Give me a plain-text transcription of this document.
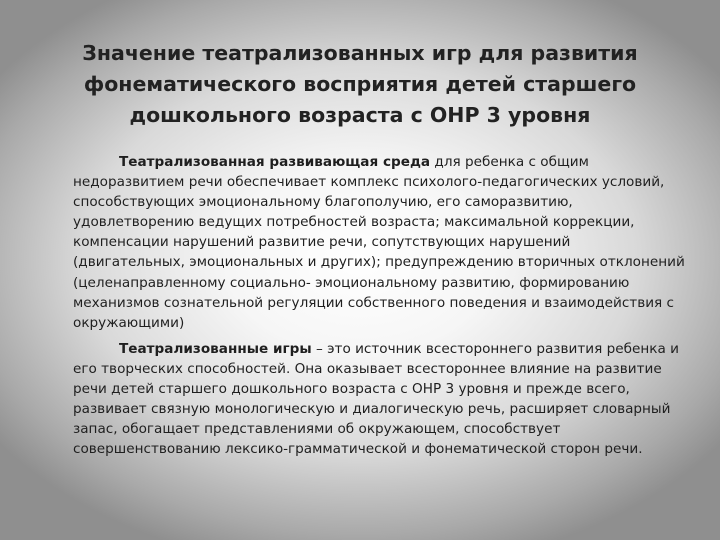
Значение театрализованных игр для развития фонематического восприятия детей старшего дошкольного возраста с ОНР 3 уровня

Театрализованная развивающая среда для ребенка с общим недоразвитием речи обеспечивает комплекс психолого-педагогических условий, способствующих эмоциональному благополучию, его саморазвитию, удовлетворению ведущих потребностей возраста; максимальной коррекции, компенсации нарушений развитие речи, сопутствующих нарушений (двигательных, эмоциональных и других); предупреждению вторичных отклонений (целенаправленному социально- эмоциональному развитию, формированию механизмов сознательной регуляции собственного поведения и взаимодействия с окружающими)

Театрализованные игры – это источник всестороннего развития ребенка и его творческих способностей. Она оказывает всестороннее влияние на развитие речи детей старшего дошкольного возраста с ОНР 3 уровня и прежде всего, развивает связную монологическую и диалогическую речь, расширяет словарный запас, обогащает представлениями об окружающем, способствует совершенствованию лексико-грамматической и фонематической сторон речи.
